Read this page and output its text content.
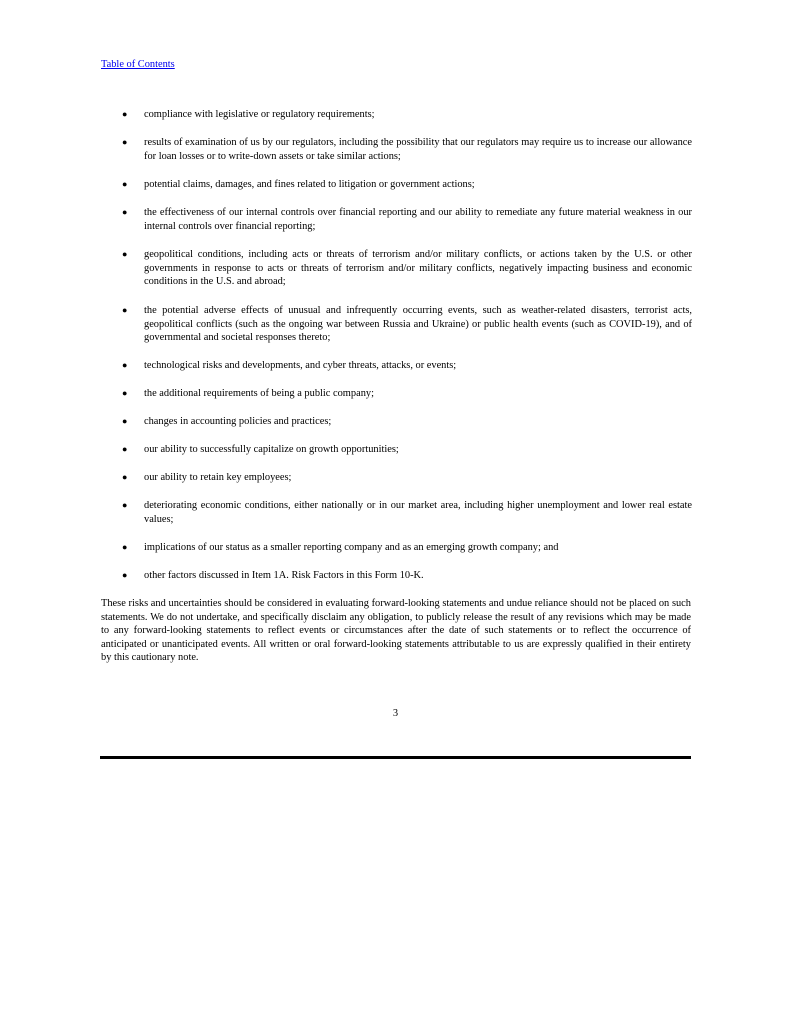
Table of Contents
●	compliance with legislative or regulatory requirements;
●	results of examination of us by our regulators, including the possibility that our regulators may require us to increase our allowance for loan losses or to write-down assets or take similar actions;
●	potential claims, damages, and fines related to litigation or government actions;
●	the effectiveness of our internal controls over financial reporting and our ability to remediate any future material weakness in our internal controls over financial reporting;
●	geopolitical conditions, including acts or threats of terrorism and/or military conflicts, or actions taken by the U.S. or other governments in response to acts or threats of terrorism and/or military conflicts, negatively impacting business and economic conditions in the U.S. and abroad;
●	the potential adverse effects of unusual and infrequently occurring events, such as weather-related disasters, terrorist acts, geopolitical conflicts (such as the ongoing war between Russia and Ukraine) or public health events (such as COVID-19), and of governmental and societal responses thereto;
●	technological risks and developments, and cyber threats, attacks, or events;
●	the additional requirements of being a public company;
●	changes in accounting policies and practices;
●	our ability to successfully capitalize on growth opportunities;
●	our ability to retain key employees;
●	deteriorating economic conditions, either nationally or in our market area, including higher unemployment and lower real estate values;
●	implications of our status as a smaller reporting company and as an emerging growth company; and
●	other factors discussed in Item 1A. Risk Factors in this Form 10-K.

These risks and uncertainties should be considered in evaluating forward-looking statements and undue reliance should not be placed on such statements. We do not undertake, and specifically disclaim any obligation, to publicly release the result of any revisions which may be made to any forward-looking statements to reflect events or circumstances after the date of such statements or to reflect the occurrence of anticipated or unanticipated events. All written or oral forward-looking statements attributable to us are expressly qualified in their entirety by this cautionary note.

3
